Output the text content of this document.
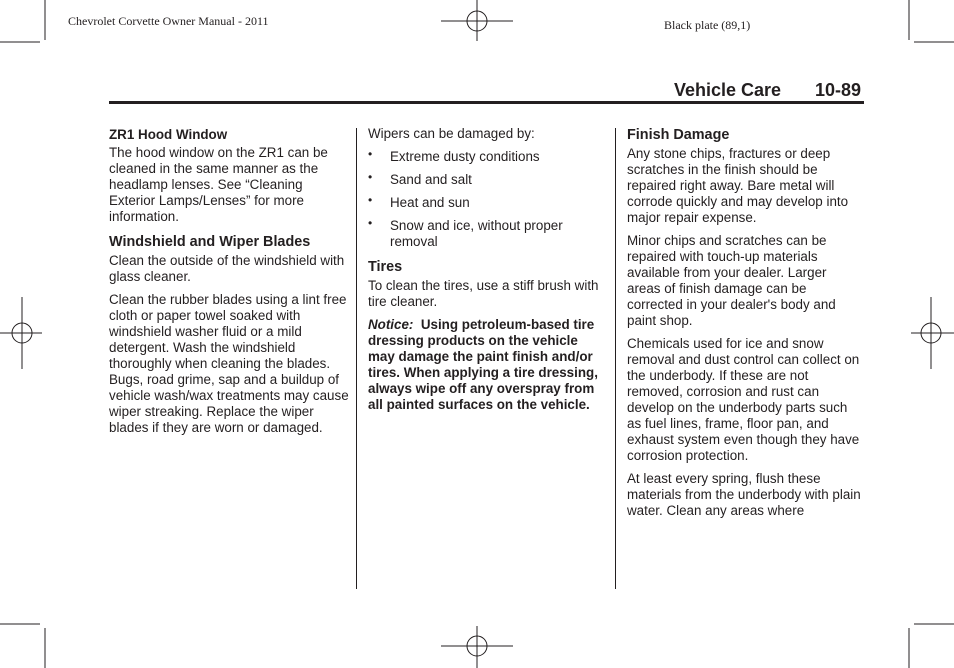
Chevrolet Corvette Owner Manual - 2011	Black plate (89,1)
Vehicle Care 10-89
ZR1 Hood Window

The hood window on the ZR1 can be cleaned in the same manner as the headlamp lenses. See “Cleaning Exterior Lamps/Lenses” for more information.

Windshield and Wiper Blades

Clean the outside of the windshield with glass cleaner.

Clean the rubber blades using a lint free cloth or paper towel soaked with windshield washer fluid or a mild detergent. Wash the windshield thoroughly when cleaning the blades. Bugs, road grime, sap and a buildup of vehicle wash/wax treatments may cause wiper streaking. Replace the wiper blades if they are worn or damaged.

Wipers can be damaged by:

• Extreme dusty conditions
• Sand and salt
• Heat and sun
• Snow and ice, without proper removal
Tires

To clean the tires, use a stiff brush with tire cleaner.

Notice: Using petroleum-based tire dressing products on the vehicle may damage the paint finish and/or tires. When applying a tire dressing, always wipe off any overspray from all painted surfaces on the vehicle.

Finish Damage

Any stone chips, fractures or deep scratches in the finish should be repaired right away. Bare metal will corrode quickly and may develop into major repair expense.

Minor chips and scratches can be repaired with touch-up materials available from your dealer. Larger areas of finish damage can be corrected in your dealer's body and paint shop.

Chemicals used for ice and snow removal and dust control can collect on the underbody. If these are not removed, corrosion and rust can develop on the underbody parts such as fuel lines, frame, floor pan, and exhaust system even though they have corrosion protection.

At least every spring, flush these materials from the underbody with plain water. Clean any areas where
